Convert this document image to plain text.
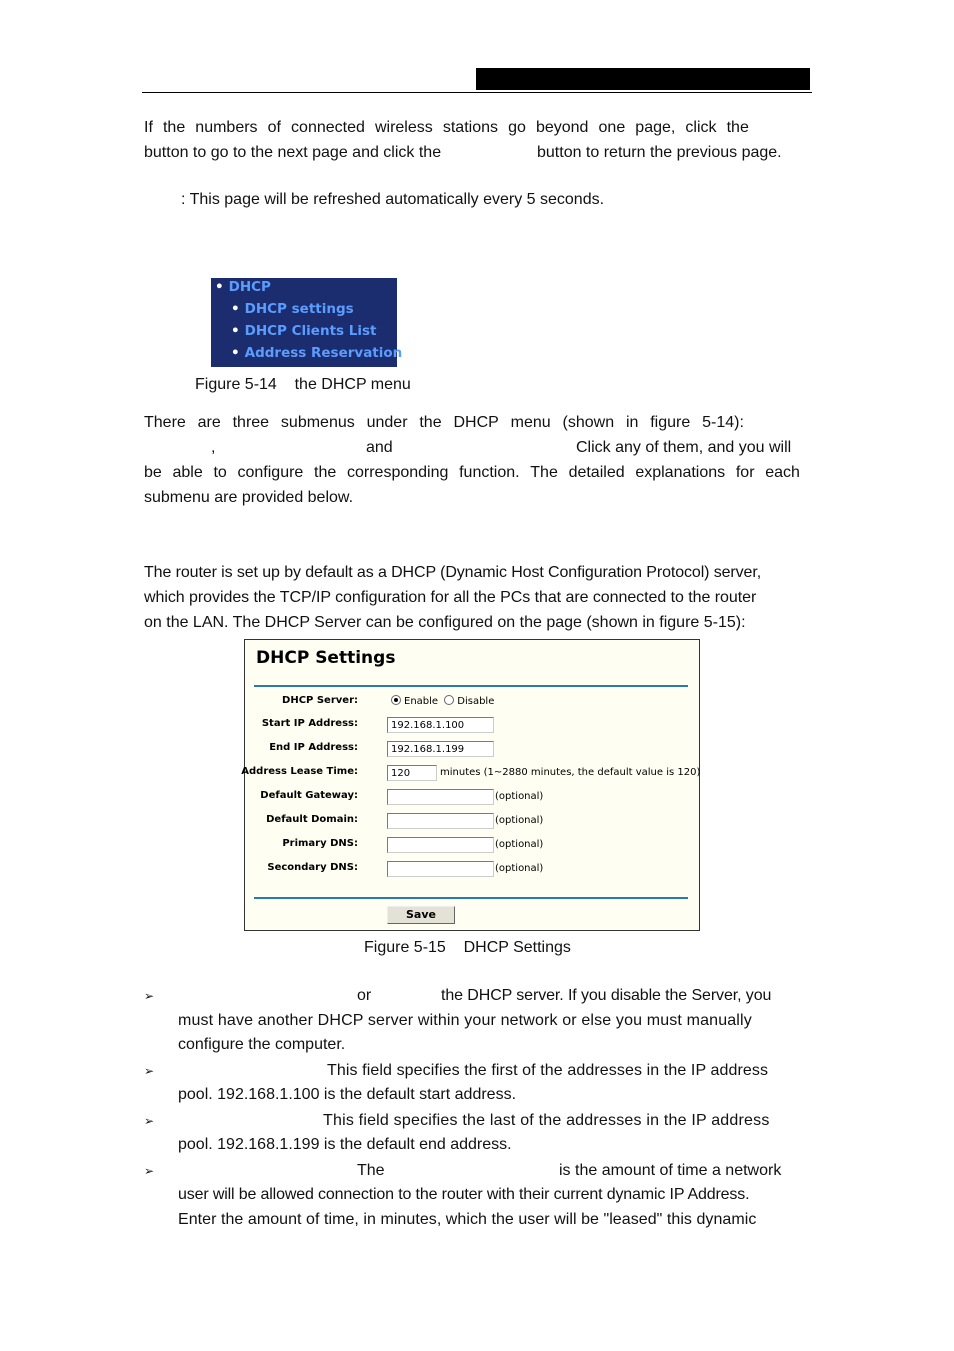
If the numbers of connected wireless stations go beyond one page, click the
button to go to the next page and click the	button to return the previous page.
: This page will be refreshed automatically every 5 seconds.
• DHCP
• DHCP settings
• DHCP Clients List
• Address Reservation
Figure 5-14    the DHCP menu
There are three submenus under the DHCP menu (shown in figure 5-14):
,	and	Click any of them, and you will
be able to configure the corresponding function. The detailed explanations for each
submenu are provided below.
The router is set up by default as a DHCP (Dynamic Host Configuration Protocol) server,
which provides the TCP/IP configuration for all the PCs that are connected to the router
on the LAN. The DHCP Server can be configured on the page (shown in figure 5-15):
DHCP Settings
DHCP Server:	Enable Disable
Start IP Address:	192.168.1.100
End IP Address:	192.168.1.199
Address Lease Time:	120	minutes (1~2880 minutes, the default value is 120)
Default Gateway:	(optional)
Default Domain:	(optional)
Primary DNS:	(optional)
Secondary DNS:	(optional)
Save
Figure 5-15    DHCP Settings
➢	or	the DHCP server. If you disable the Server, you
must have another DHCP server within your network or else you must manually
configure the computer.
➢	This field specifies the first of the addresses in the IP address
pool. 192.168.1.100 is the default start address.
➢	This field specifies the last of the addresses in the IP address
pool. 192.168.1.199 is the default end address.
➢	The	is the amount of time a network
user will be allowed connection to the router with their current dynamic IP Address.
Enter the amount of time, in minutes, which the user will be "leased" this dynamic
